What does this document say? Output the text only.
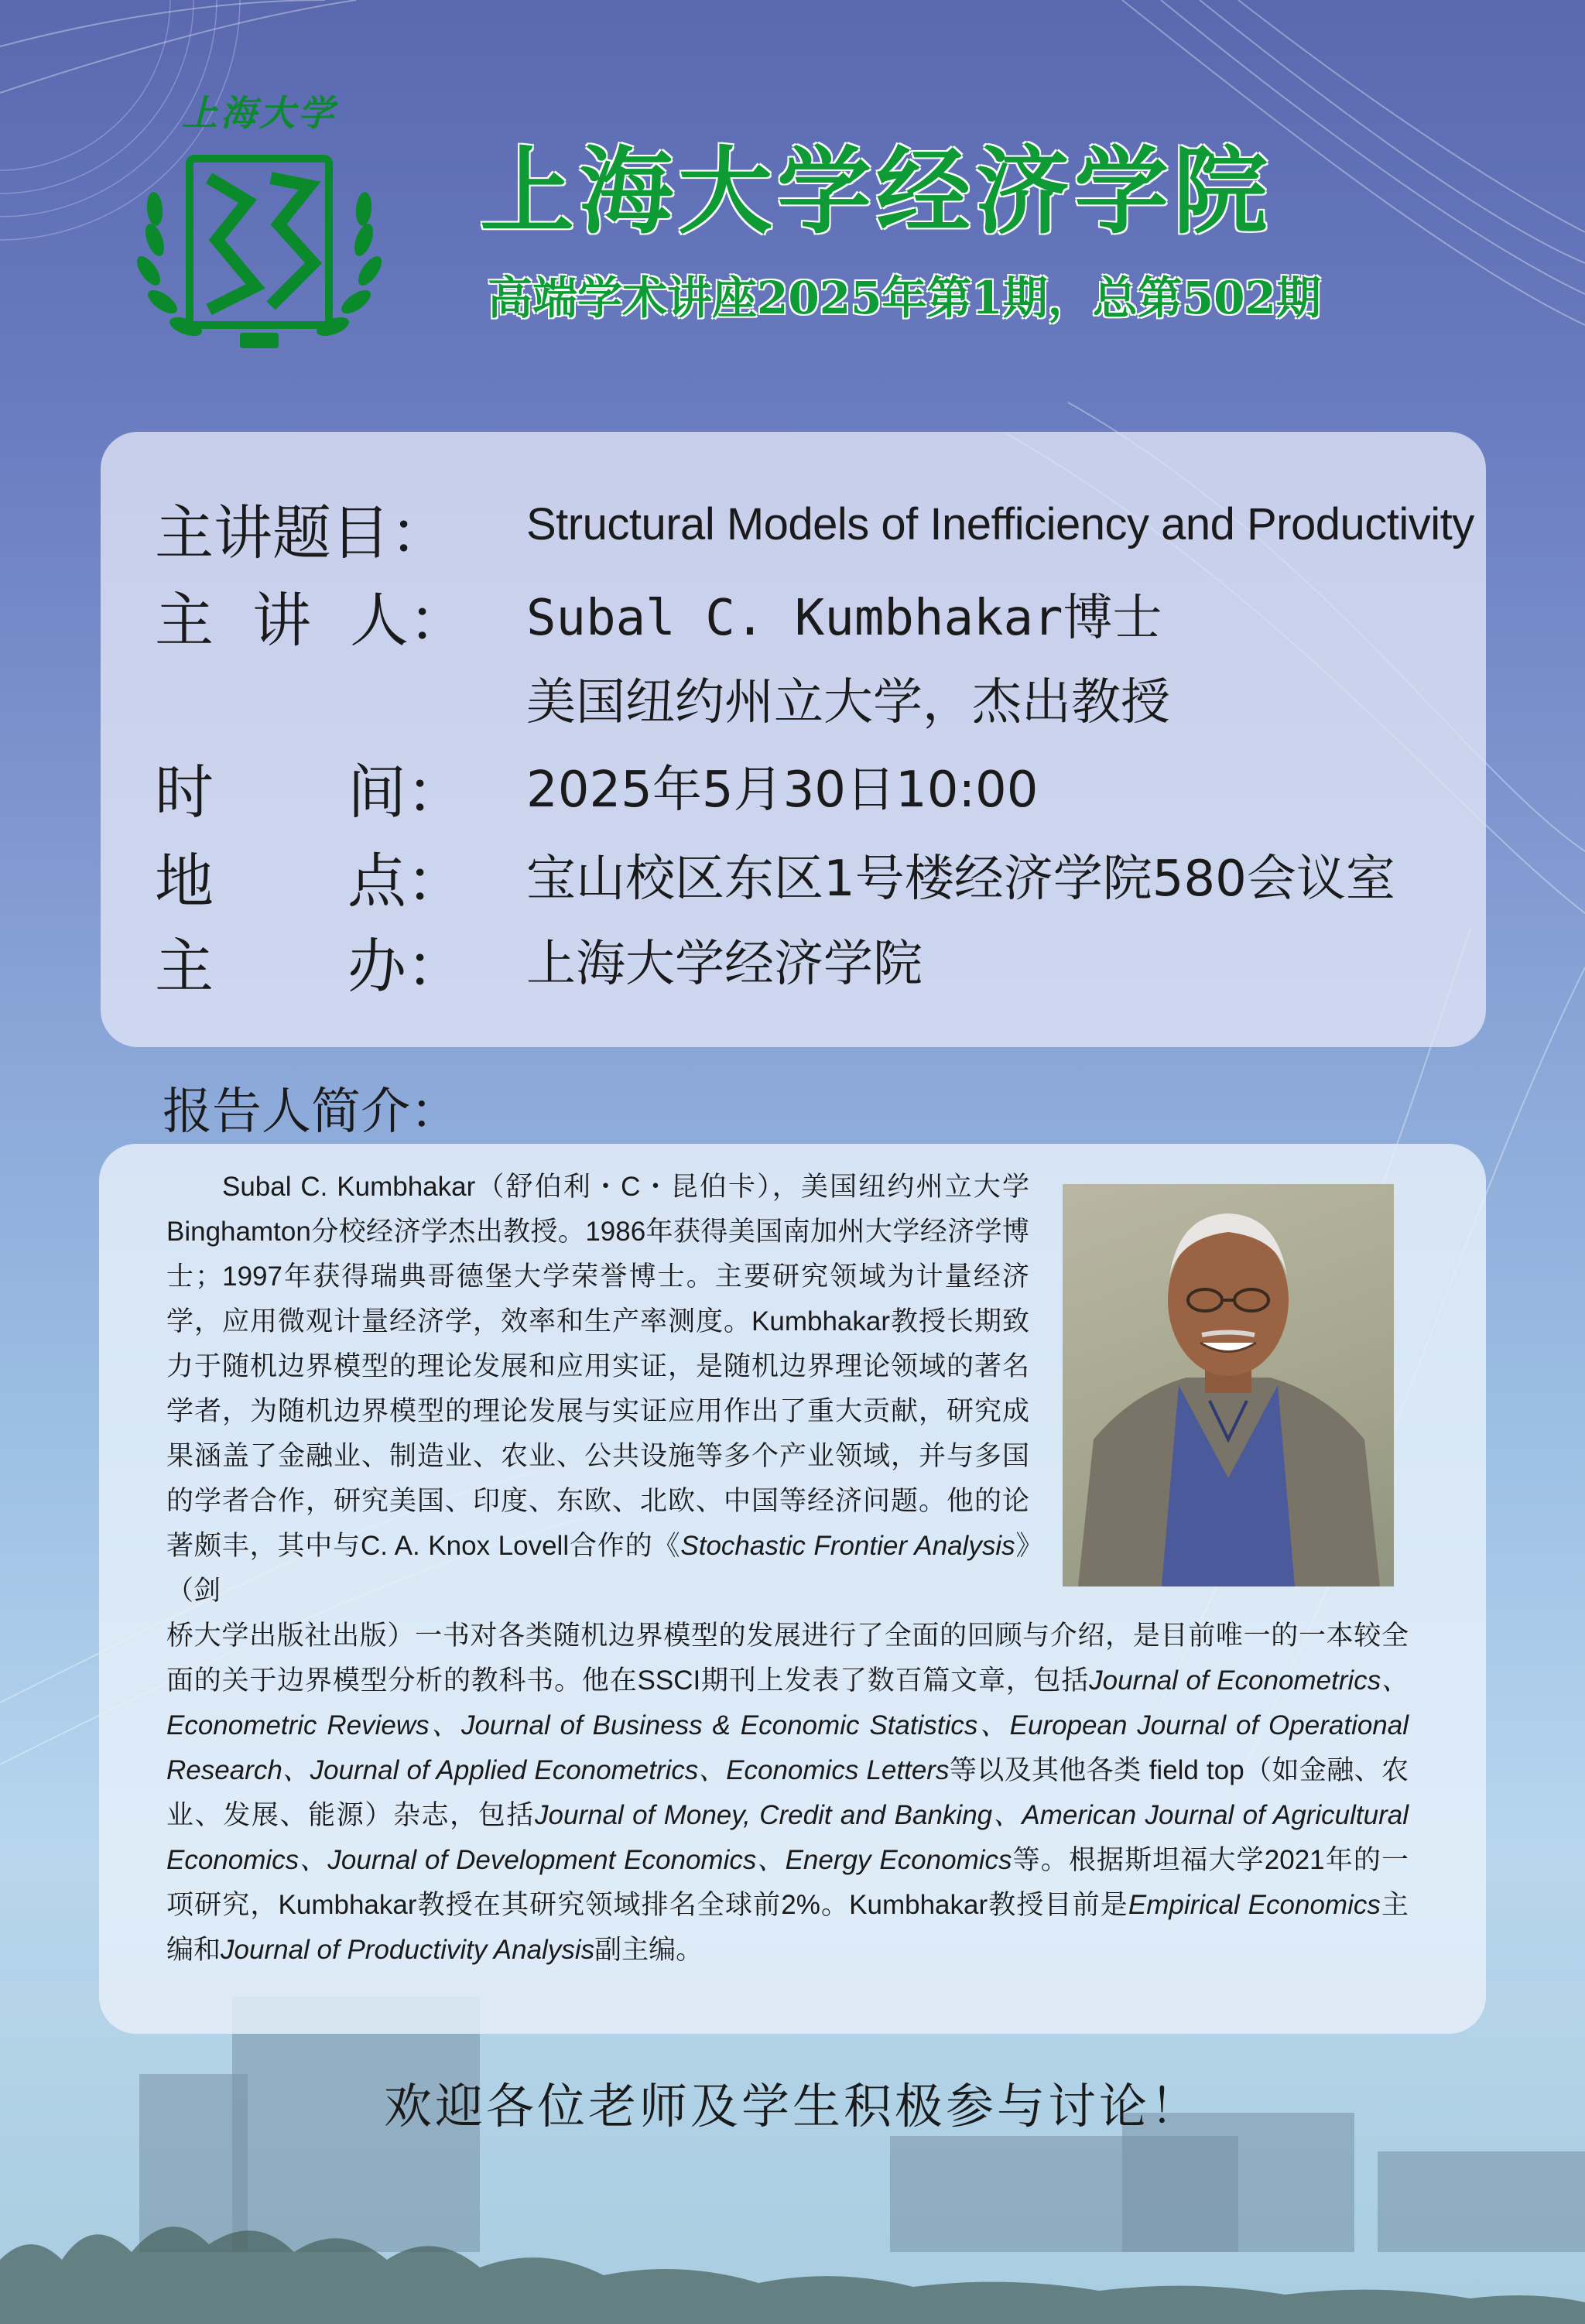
上海大学
上海大学经济学院
高端学术讲座2025年第1期，总第502期
主讲题目：	Structural Models of Inefficiency and Productivity
主 讲 人：	Subal C. Kumbhakar博士
美国纽约州立大学，杰出教授
时 间：	2025年5月30日10:00
地 点：	宝山校区东区1号楼经济学院580会议室
主 办：	上海大学经济学院
报告人简介：

Subal C. Kumbhakar（舒伯利・C・昆伯卡），美国纽约州立大学Binghamton分校经济学杰出教授。1986年获得美国南加州大学经济学博士；1997年获得瑞典哥德堡大学荣誉博士。主要研究领域为计量经济学，应用微观计量经济学，效率和生产率测度。Kumbhakar教授长期致力于随机边界模型的理论发展和应用实证，是随机边界理论领域的著名学者，为随机边界模型的理论发展与实证应用作出了重大贡献，研究成果涵盖了金融业、制造业、农业、公共设施等多个产业领域，并与多国的学者合作，研究美国、印度、东欧、北欧、中国等经济问题。他的论著颇丰，其中与C. A. Knox Lovell合作的《Stochastic Frontier Analysis》（剑

桥大学出版社出版）一书对各类随机边界模型的发展进行了全面的回顾与介绍，是目前唯一的一本较全面的关于边界模型分析的教科书。他在SSCI期刊上发表了数百篇文章，包括Journal of Econometrics、Econometric Reviews、Journal of Business & Economic Statistics、European Journal of Operational Research、Journal of Applied Econometrics、Economics Letters等以及其他各类 field top（如金融、农业、发展、能源）杂志，包括Journal of Money, Credit and Banking、American Journal of Agricultural Economics、Journal of Development Economics、Energy Economics等。根据斯坦福大学2021年的一项研究，Kumbhakar教授在其研究领域排名全球前2%。Kumbhakar教授目前是Empirical Economics主编和Journal of Productivity Analysis副主编。

欢迎各位老师及学生积极参与讨论！
